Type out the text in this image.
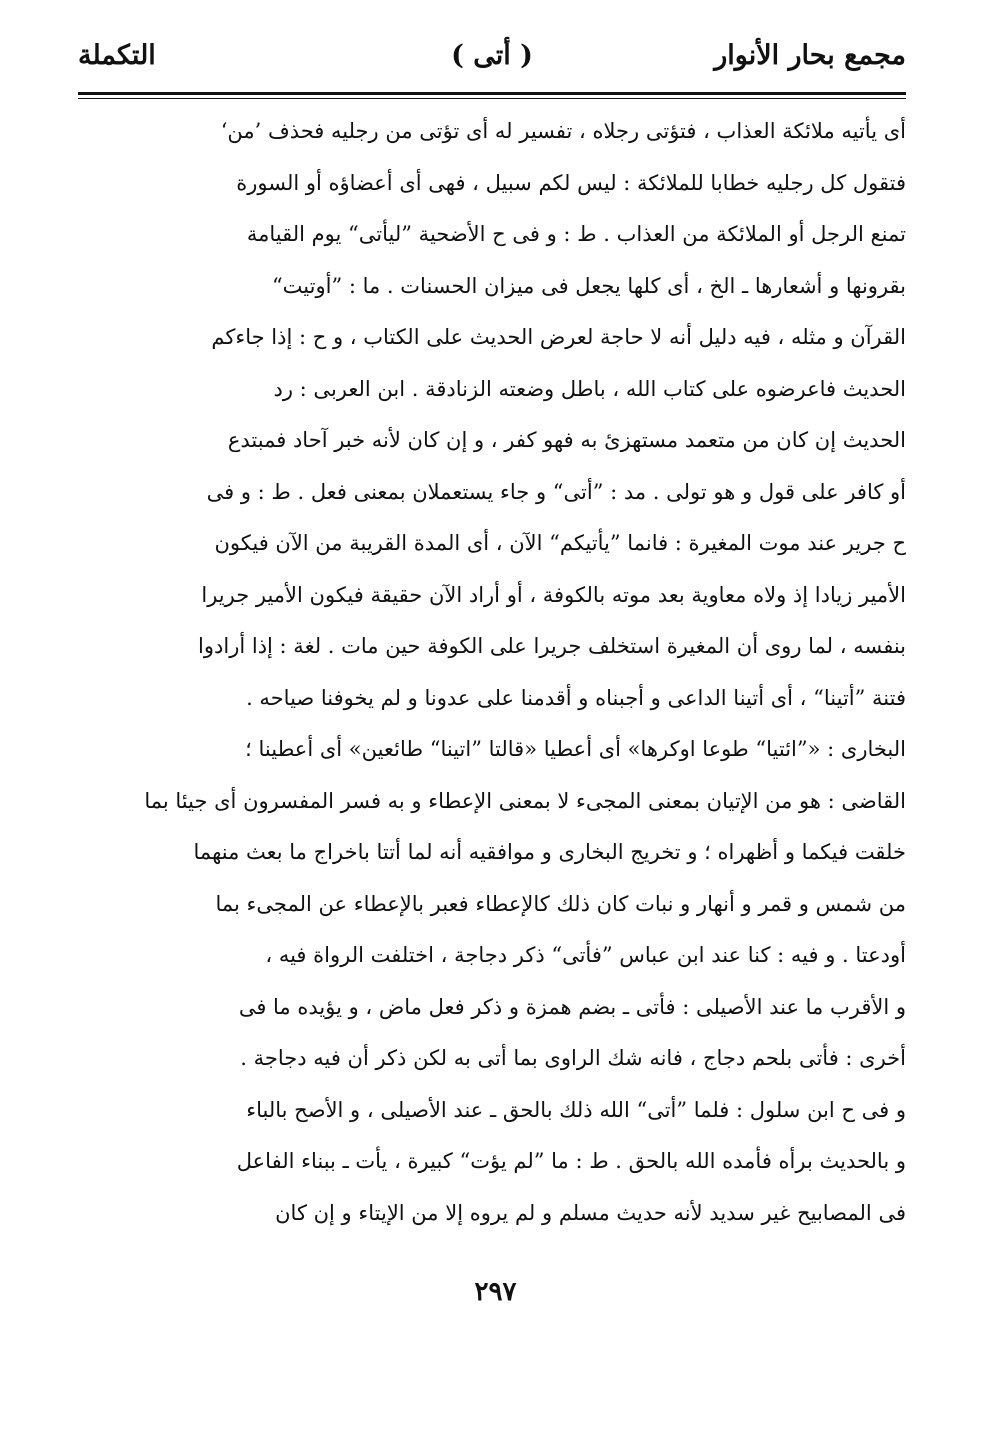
مجمع بحار الأنوار
( أتى )
التكملة
أى يأتيه ملائكة العذاب ، فتؤتى رجلاه ، تفسير له أى تؤتى من رجليه فحذف ’من‘
فتقول كل رجليه خطابا للملائكة : ليس لكم سبيل ، فهى أى أعضاؤه أو السورة
تمنع الرجل أو الملائكة من العذاب . ط : و فى ح الأضحية ”ليأتى“ يوم القيامة
بقرونها و أشعارها ـ الخ ، أى كلها يجعل فى ميزان الحسنات . ما : ”أوتيت“
القرآن و مثله ، فيه دليل أنه لا حاجة لعرض الحديث على الكتاب ، و ح : إذا جاءكم
الحديث فاعرضوه على كتاب الله ، باطل وضعته الزنادقة . ابن العربى : رد
الحديث إن كان من متعمد مستهزئ به فهو كفر ، و إن كان لأنه خبر آحاد فمبتدع
أو كافر على قول و هو تولى . مد : ”أتى“ و جاء يستعملان بمعنى فعل . ط : و فى
ح جرير عند موت المغيرة : فانما ”يأتيكم“ الآن ، أى المدة القريبة من الآن فيكون
الأمير زيادا إذ ولاه معاوية بعد موته بالكوفة ، أو أراد الآن حقيقة فيكون الأمير جريرا
بنفسه ، لما روى أن المغيرة استخلف جريرا على الكوفة حين مات . لغة : إذا أرادوا
فتنة ”أتينا“ ، أى أتينا الداعى و أجبناه و أقدمنا على عدونا و لم يخوفنا صياحه .
البخارى : «”ائتيا“ طوعا اوكرها» أى أعطيا «قالتا ”اتينا“ طائعين» أى أعطينا ؛
القاضى : هو من الإتيان بمعنى المجىء لا بمعنى الإعطاء و به فسر المفسرون أى جيئا بما
خلقت فيكما و أظهراه ؛ و تخريج البخارى و موافقيه أنه لما أتتا باخراج ما بعث منهما
من شمس و قمر و أنهار و نبات كان ذلك كالإعطاء فعبر بالإعطاء عن المجىء بما
أودعتا . و فيه : كنا عند ابن عباس ”فأتى“ ذكر دجاجة ، اختلفت الرواة فيه ،
و الأقرب ما عند الأصيلى : فأتى ـ بضم همزة و ذكر فعل ماض ، و يؤيده ما فى
أخرى : فأتى بلحم دجاج ، فانه شك الراوى بما أتى به لكن ذكر أن فيه دجاجة .
و فى ح ابن سلول : فلما ”أتى“ الله ذلك بالحق ـ عند الأصيلى ، و الأصح بالباء
و بالحديث برأه فأمده الله بالحق . ط : ما ”لم يؤت“ كبيرة ، يأت ـ ببناء الفاعل
فى المصابيح غير سديد لأنه حديث مسلم و لم يروه إلا من الإيتاء و إن كان
٢٩٧
